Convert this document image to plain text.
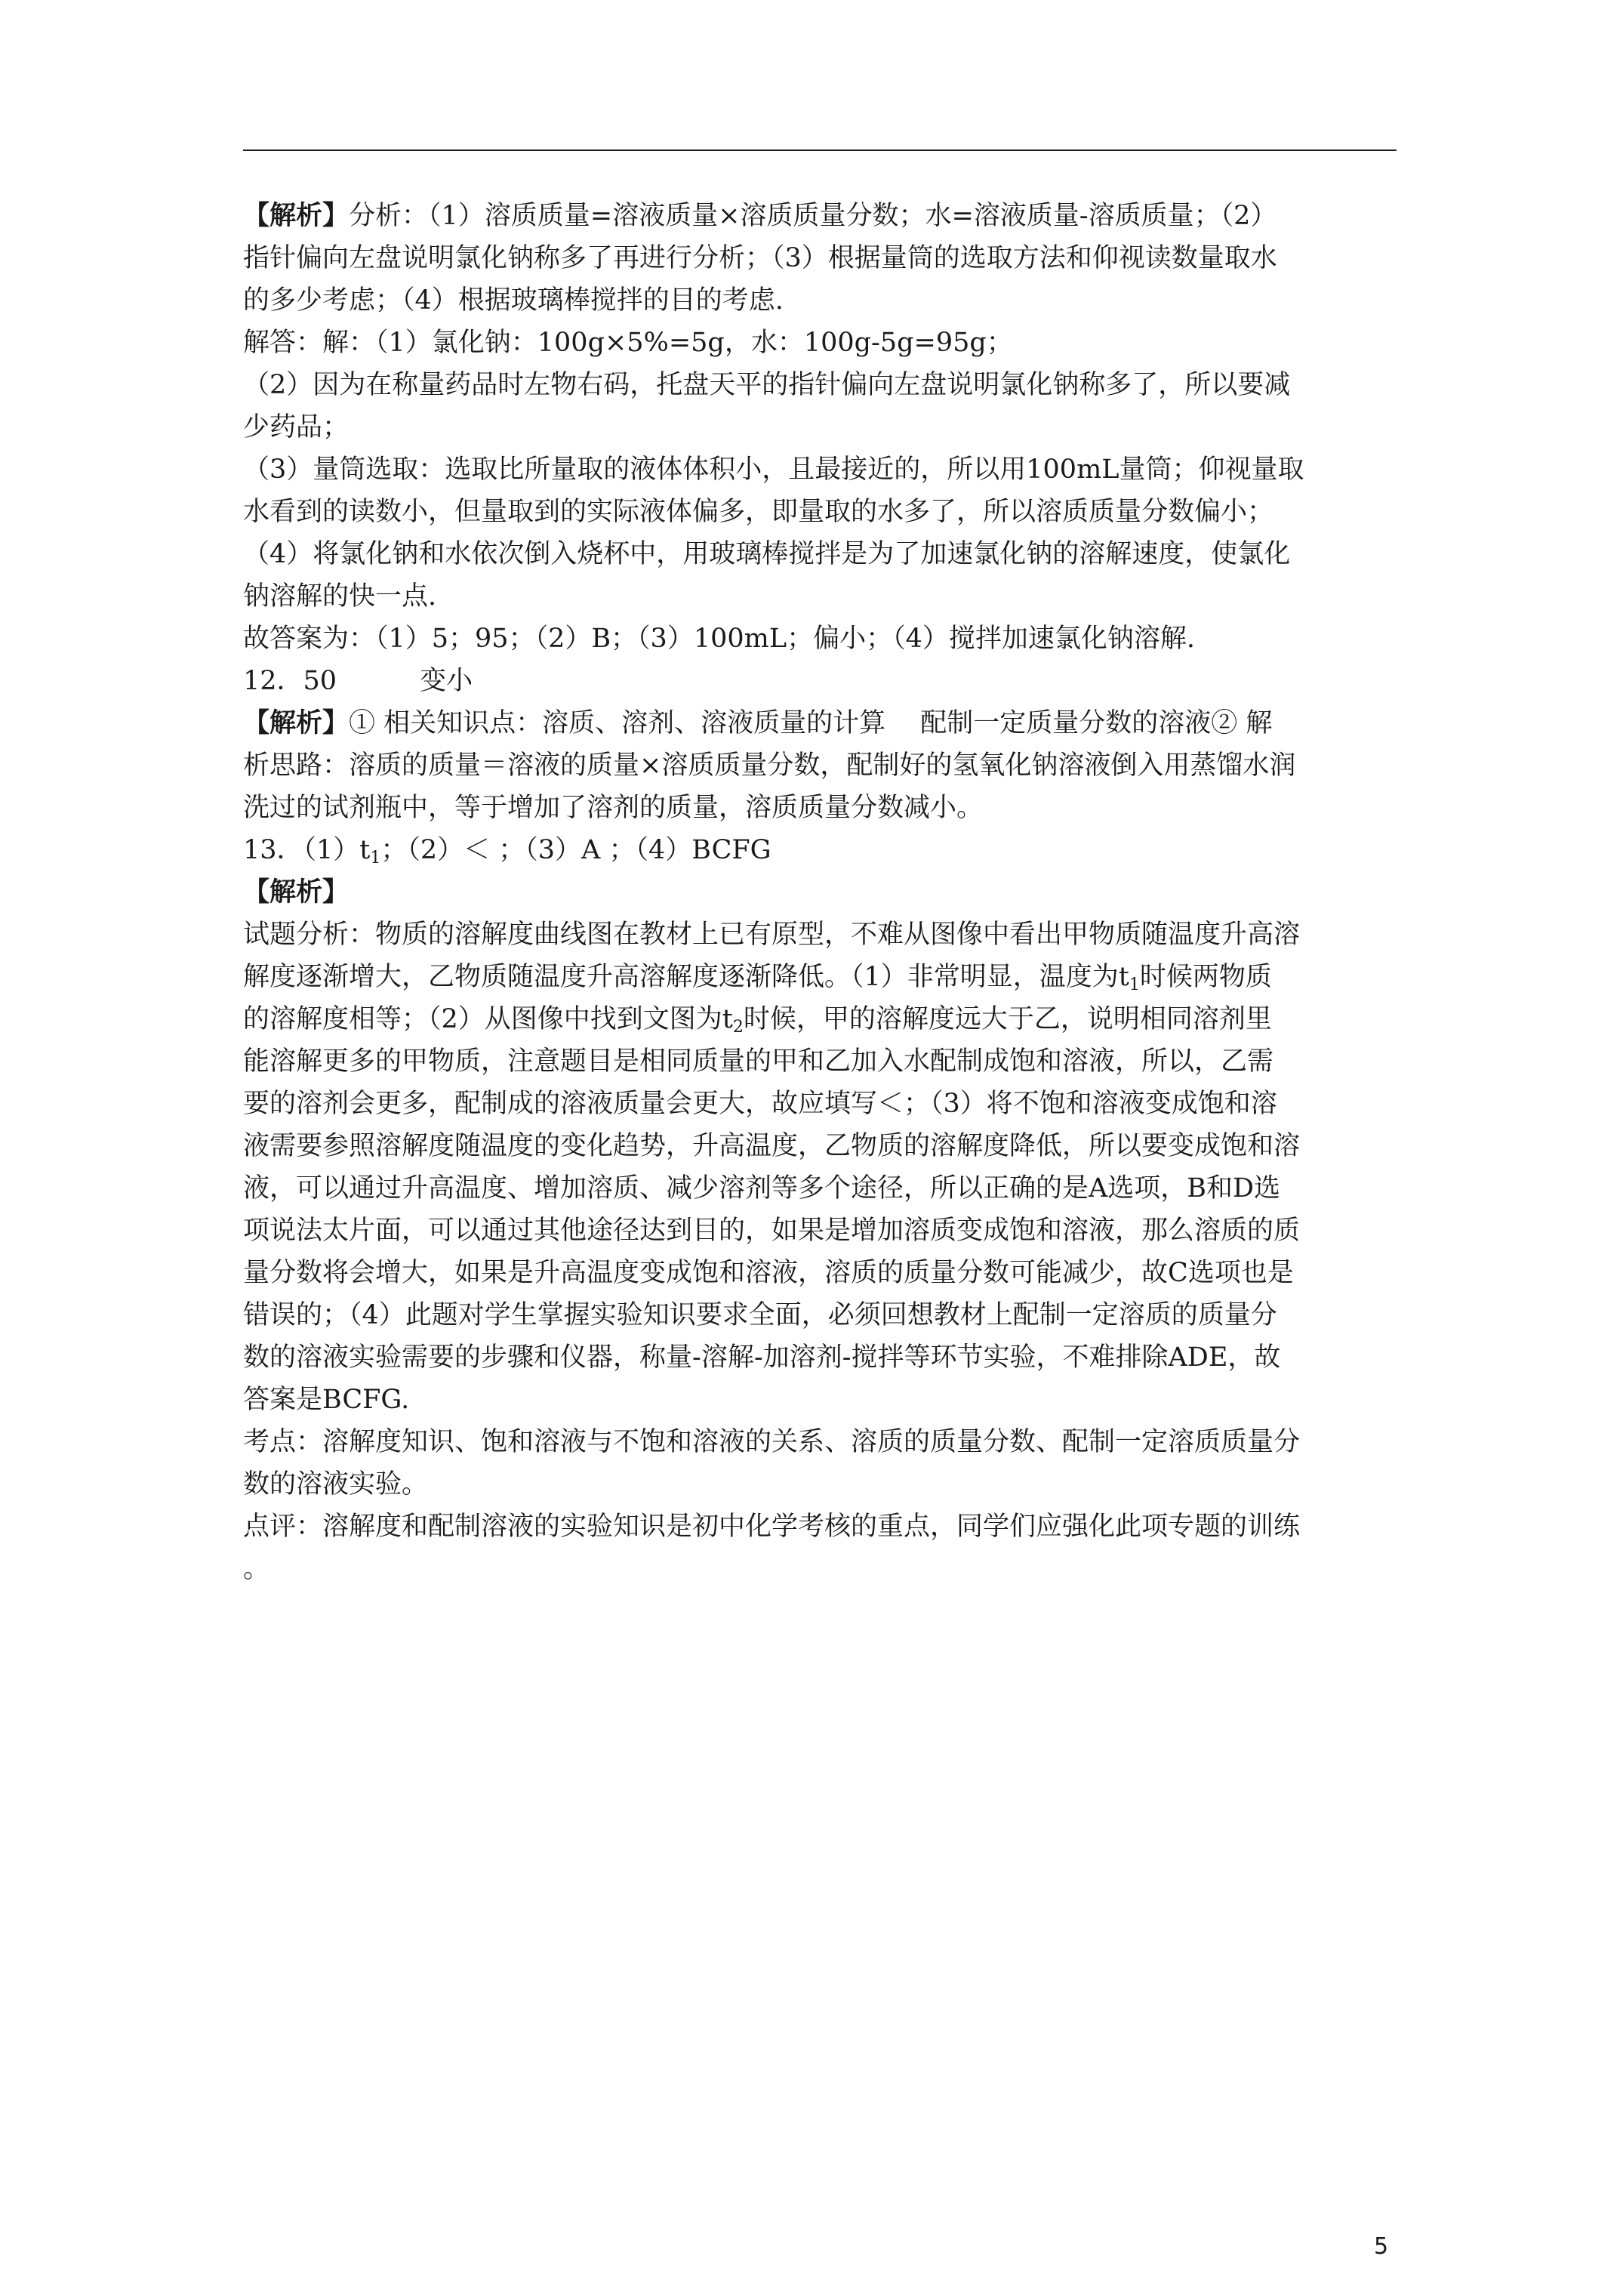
【解析】分析：（1）溶质质量=溶液质量×溶质质量分数；水=溶液质量-溶质质量；（2）
指针偏向左盘说明氯化钠称多了再进行分析；（3）根据量筒的选取方法和仰视读数量取水
的多少考虑；（4）根据玻璃棒搅拌的目的考虑.
解答：解：（1）氯化钠：100g×5%=5g，水：100g-5g=95g；
（2）因为在称量药品时左物右码，托盘天平的指针偏向左盘说明氯化钠称多了，所以要减
少药品；
（3）量筒选取：选取比所量取的液体体积小，且最接近的，所以用100mL量筒；仰视量取
水看到的读数小，但量取到的实际液体偏多，即量取的水多了，所以溶质质量分数偏小；
（4）将氯化钠和水依次倒入烧杯中，用玻璃棒搅拌是为了加速氯化钠的溶解速度，使氯化
钠溶解的快一点.
故答案为：（1）5；95；（2）B；（3）100mL；偏小；（4）搅拌加速氯化钠溶解.
12．50	变小
【解析】① 相关知识点：溶质、溶剂、溶液质量的计算　 配制一定质量分数的溶液② 解
析思路：溶质的质量＝溶液的质量×溶质质量分数，配制好的氢氧化钠溶液倒入用蒸馏水润
洗过的试剂瓶中，等于增加了溶剂的质量，溶质质量分数减小。
13．$(1)t_1$；（2）＜ ；（3）A ；（4）BCFG
【解析】
试题分析：物质的溶解度曲线图在教材上已有原型，不难从图像中看出甲物质随温度升高溶
解度逐渐增大，乙物质随温度升高溶解度逐渐降低。（1）非常明显，温度为$t_1$时候两物质
的溶解度相等；（2）从图像中找到文图为$t_2$时候，甲的溶解度远大于乙，说明相同溶剂里
能溶解更多的甲物质，注意题目是相同质量的甲和乙加入水配制成饱和溶液，所以，乙需
要的溶剂会更多，配制成的溶液质量会更大，故应填写＜；（3）将不饱和溶液变成饱和溶
液需要参照溶解度随温度的变化趋势，升高温度，乙物质的溶解度降低，所以要变成饱和溶
液，可以通过升高温度、增加溶质、减少溶剂等多个途径，所以正确的是A选项，B和D选
项说法太片面，可以通过其他途径达到目的，如果是增加溶质变成饱和溶液，那么溶质的质
量分数将会增大，如果是升高温度变成饱和溶液，溶质的质量分数可能减少，故C选项也是
错误的；（4）此题对学生掌握实验知识要求全面，必须回想教材上配制一定溶质的质量分
数的溶液实验需要的步骤和仪器，称量-溶解-加溶剂-搅拌等环节实验，不难排除ADE，故
答案是BCFG.
考点：溶解度知识、饱和溶液与不饱和溶液的关系、溶质的质量分数、配制一定溶质质量分
数的溶液实验。
点评：溶解度和配制溶液的实验知识是初中化学考核的重点，同学们应强化此项专题的训练
。
5
